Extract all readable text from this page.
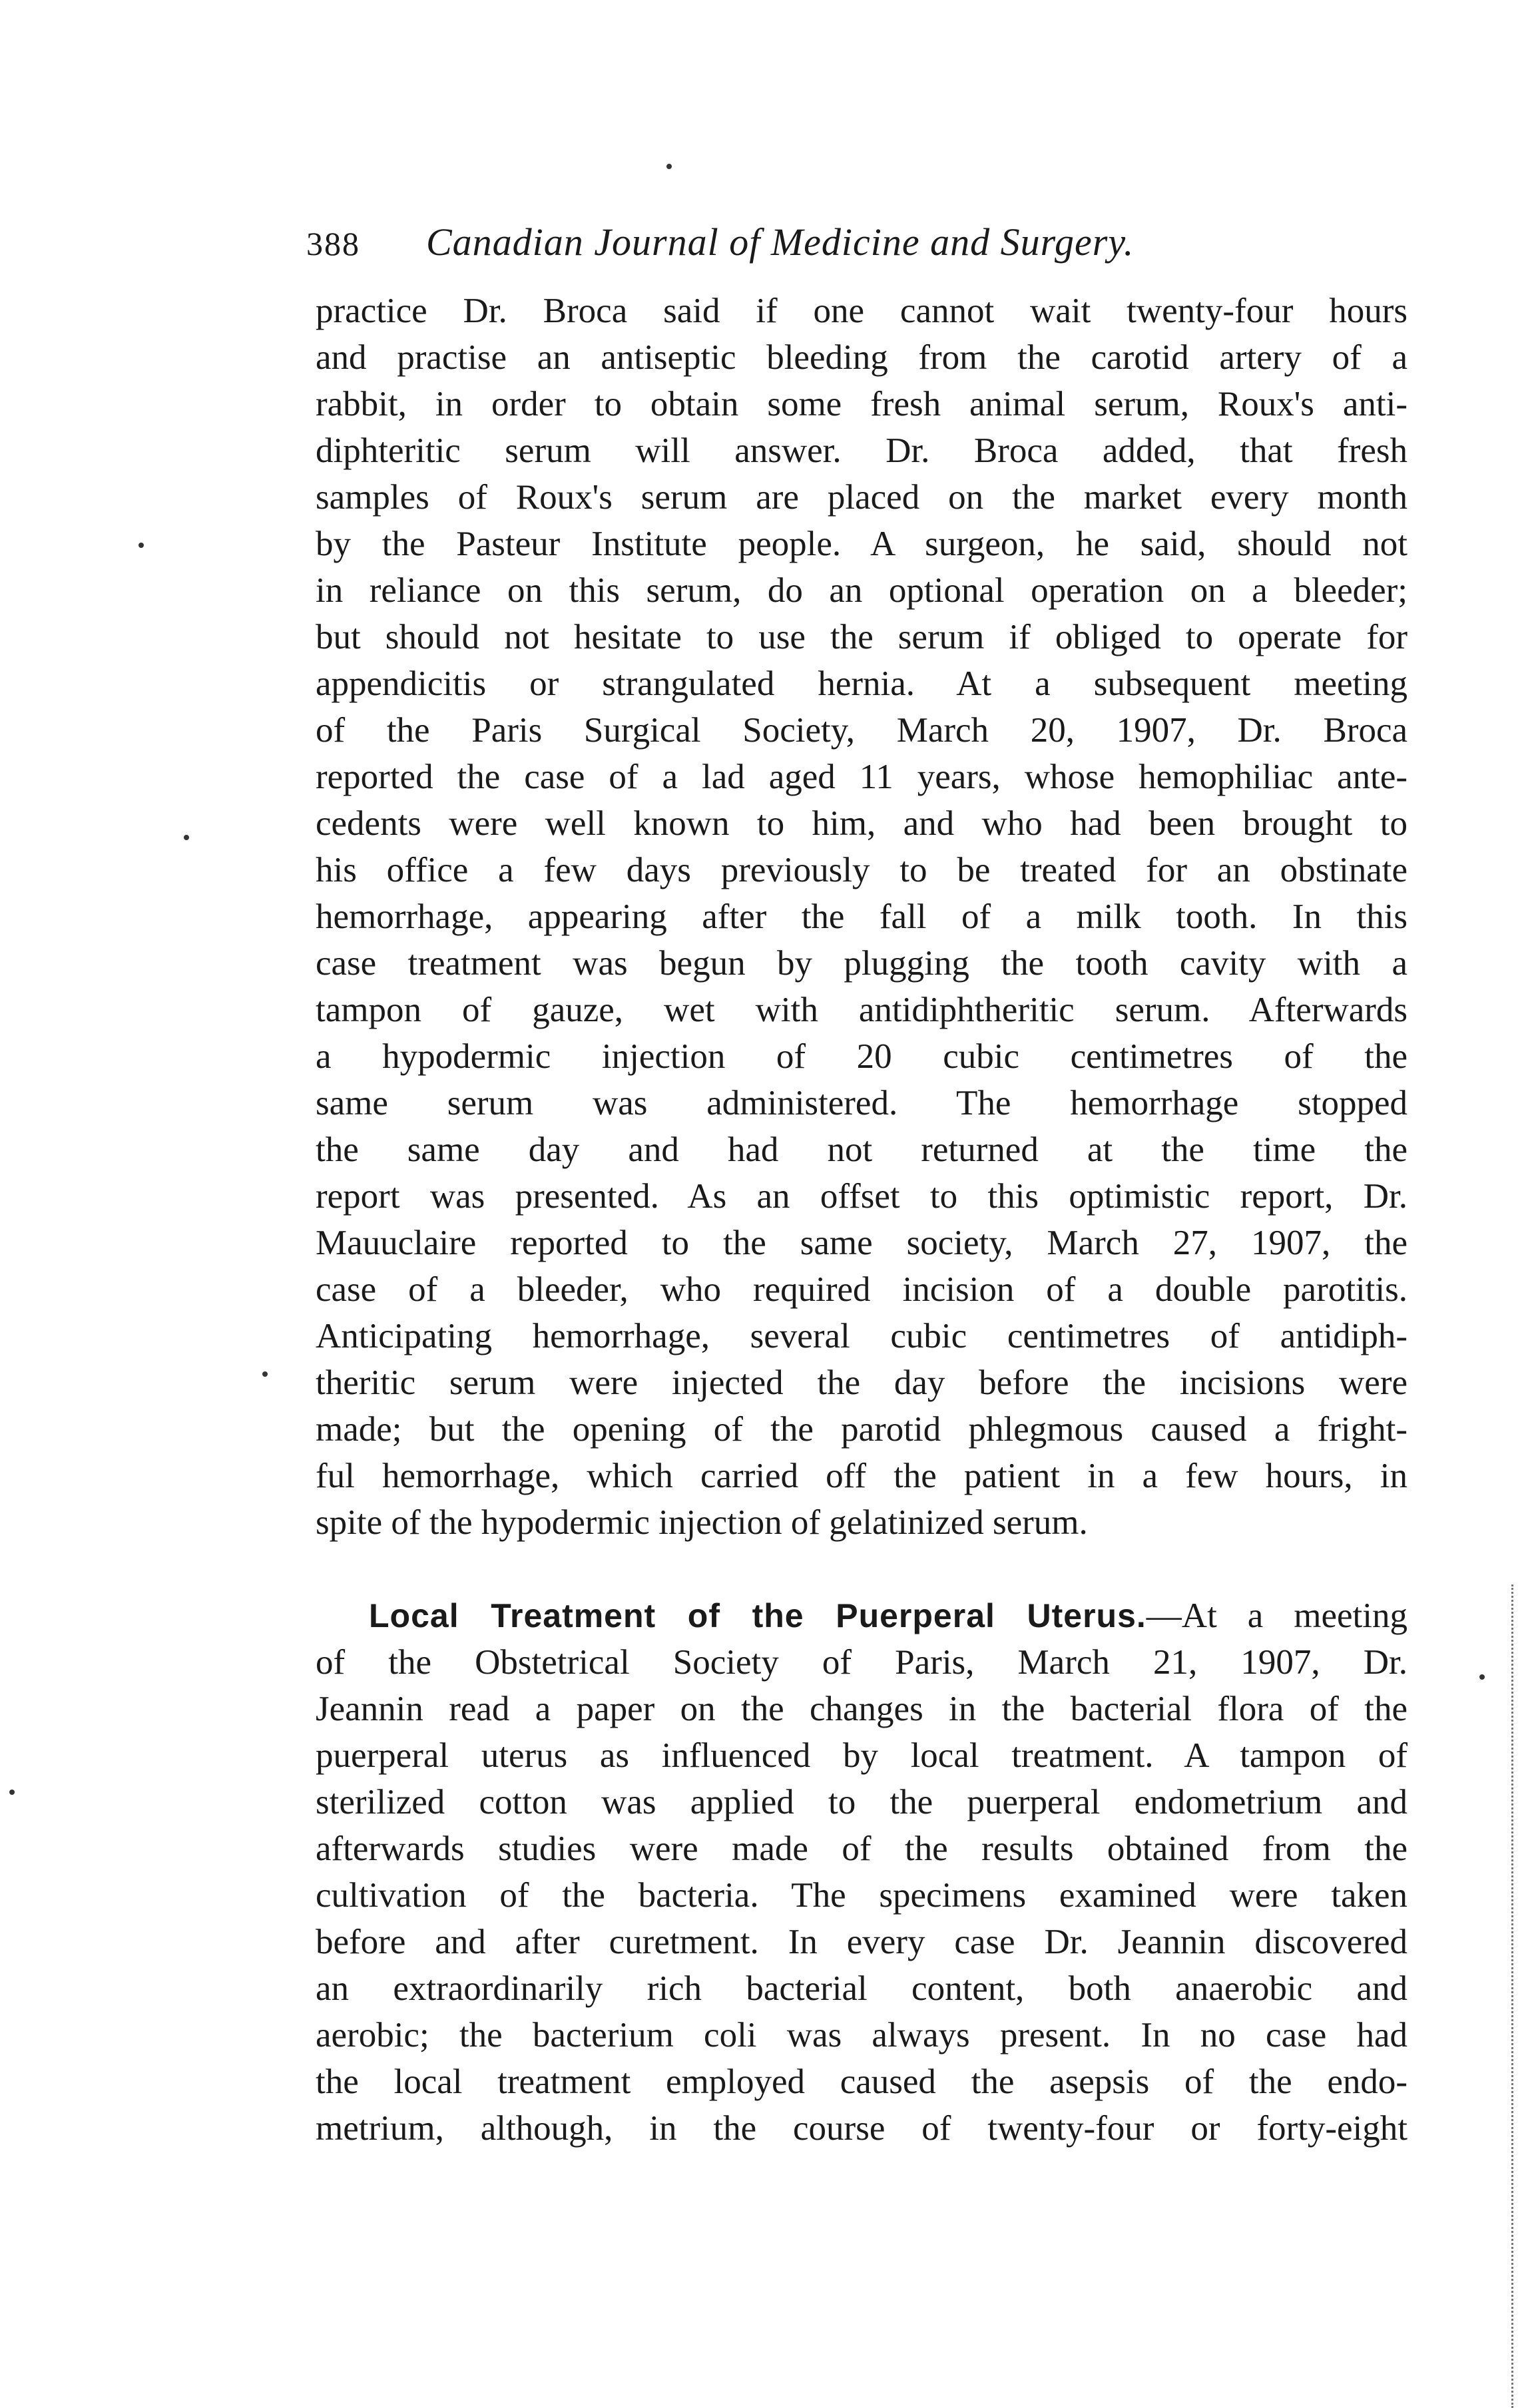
388	Canadian Journal of Medicine and Surgery.
practice Dr. Broca said if one cannot wait twenty-four hours
and practise an antiseptic bleeding from the carotid artery of a
rabbit, in order to obtain some fresh animal serum, Roux's anti-
diphteritic serum will answer. Dr. Broca added, that fresh
samples of Roux's serum are placed on the market every month
by the Pasteur Institute people. A surgeon, he said, should not
in reliance on this serum, do an optional operation on a bleeder;
but should not hesitate to use the serum if obliged to operate for
appendicitis or strangulated hernia. At a subsequent meeting
of the Paris Surgical Society, March 20, 1907, Dr. Broca
reported the case of a lad aged 11 years, whose hemophiliac ante-
cedents were well known to him, and who had been brought to
his office a few days previously to be treated for an obstinate
hemorrhage, appearing after the fall of a milk tooth. In this
case treatment was begun by plugging the tooth cavity with a
tampon of gauze, wet with antidiphtheritic serum. Afterwards
a hypodermic injection of 20 cubic centimetres of the
same serum was administered. The hemorrhage stopped
the same day and had not returned at the time the
report was presented. As an offset to this optimistic report, Dr.
Mauuclaire reported to the same society, March 27, 1907, the
case of a bleeder, who required incision of a double parotitis.
Anticipating hemorrhage, several cubic centimetres of antidiph-
theritic serum were injected the day before the incisions were
made; but the opening of the parotid phlegmous caused a fright-
ful hemorrhage, which carried off the patient in a few hours, in
spite of the hypodermic injection of gelatinized serum.
Local Treatment of the Puerperal Uterus.—At a meeting
of the Obstetrical Society of Paris, March 21, 1907, Dr.
Jeannin read a paper on the changes in the bacterial flora of the
puerperal uterus as influenced by local treatment. A tampon of
sterilized cotton was applied to the puerperal endometrium and
afterwards studies were made of the results obtained from the
cultivation of the bacteria. The specimens examined were taken
before and after curetment. In every case Dr. Jeannin discovered
an extraordinarily rich bacterial content, both anaerobic and
aerobic; the bacterium coli was always present. In no case had
the local treatment employed caused the asepsis of the endo-
metrium, although, in the course of twenty-four or forty-eight
